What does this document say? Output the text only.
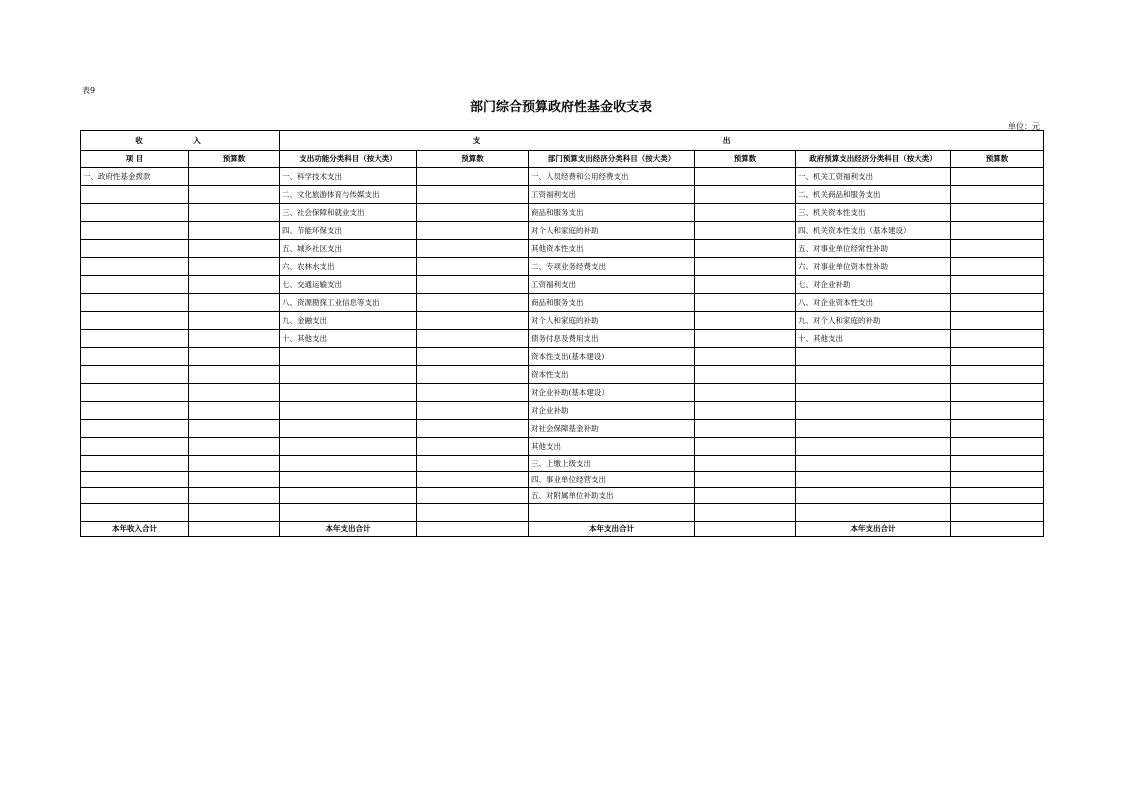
表9
部门综合预算政府性基金收支表
单位：元
收 入		支 出					
项 目	预算数	支出功能分类科目（按大类）	预算数	部门预算支出经济分类科目（按大类）	预算数	政府预算支出经济分类科目（按大类）	预算数
一、政府性基金拨款		一、科学技术支出		一、人员经费和公用经费支出		一、机关工资福利支出	
		二、文化旅游体育与传媒支出		工资福利支出		二、机关商品和服务支出	
		三、社会保障和就业支出		商品和服务支出		三、机关资本性支出	
		四、节能环保支出		对个人和家庭的补助		四、机关资本性支出（基本建设）	
		五、城乡社区支出		其他资本性支出		五、对事业单位经常性补助	
		六、农林水支出		二、专项业务经费支出		六、对事业单位资本性补助	
		七、交通运输支出		工资福利支出		七、对企业补助	
		八、资源勘探工业信息等支出		商品和服务支出		八、对企业资本性支出	
		九、金融支出		对个人和家庭的补助		九、对个人和家庭的补助	
		十、其他支出		债务付息及费用支出		十、其他支出	
				资本性支出(基本建设)			
				资本性支出			
				对企业补助(基本建设）			
				对企业补助			
				对社会保障基金补助			
				其他支出			
				三、上缴上级支出			
				四、事业单位经营支出			
				五、对附属单位补助支出			

本年收入合计		本年支出合计		本年支出合计		本年支出合计	
